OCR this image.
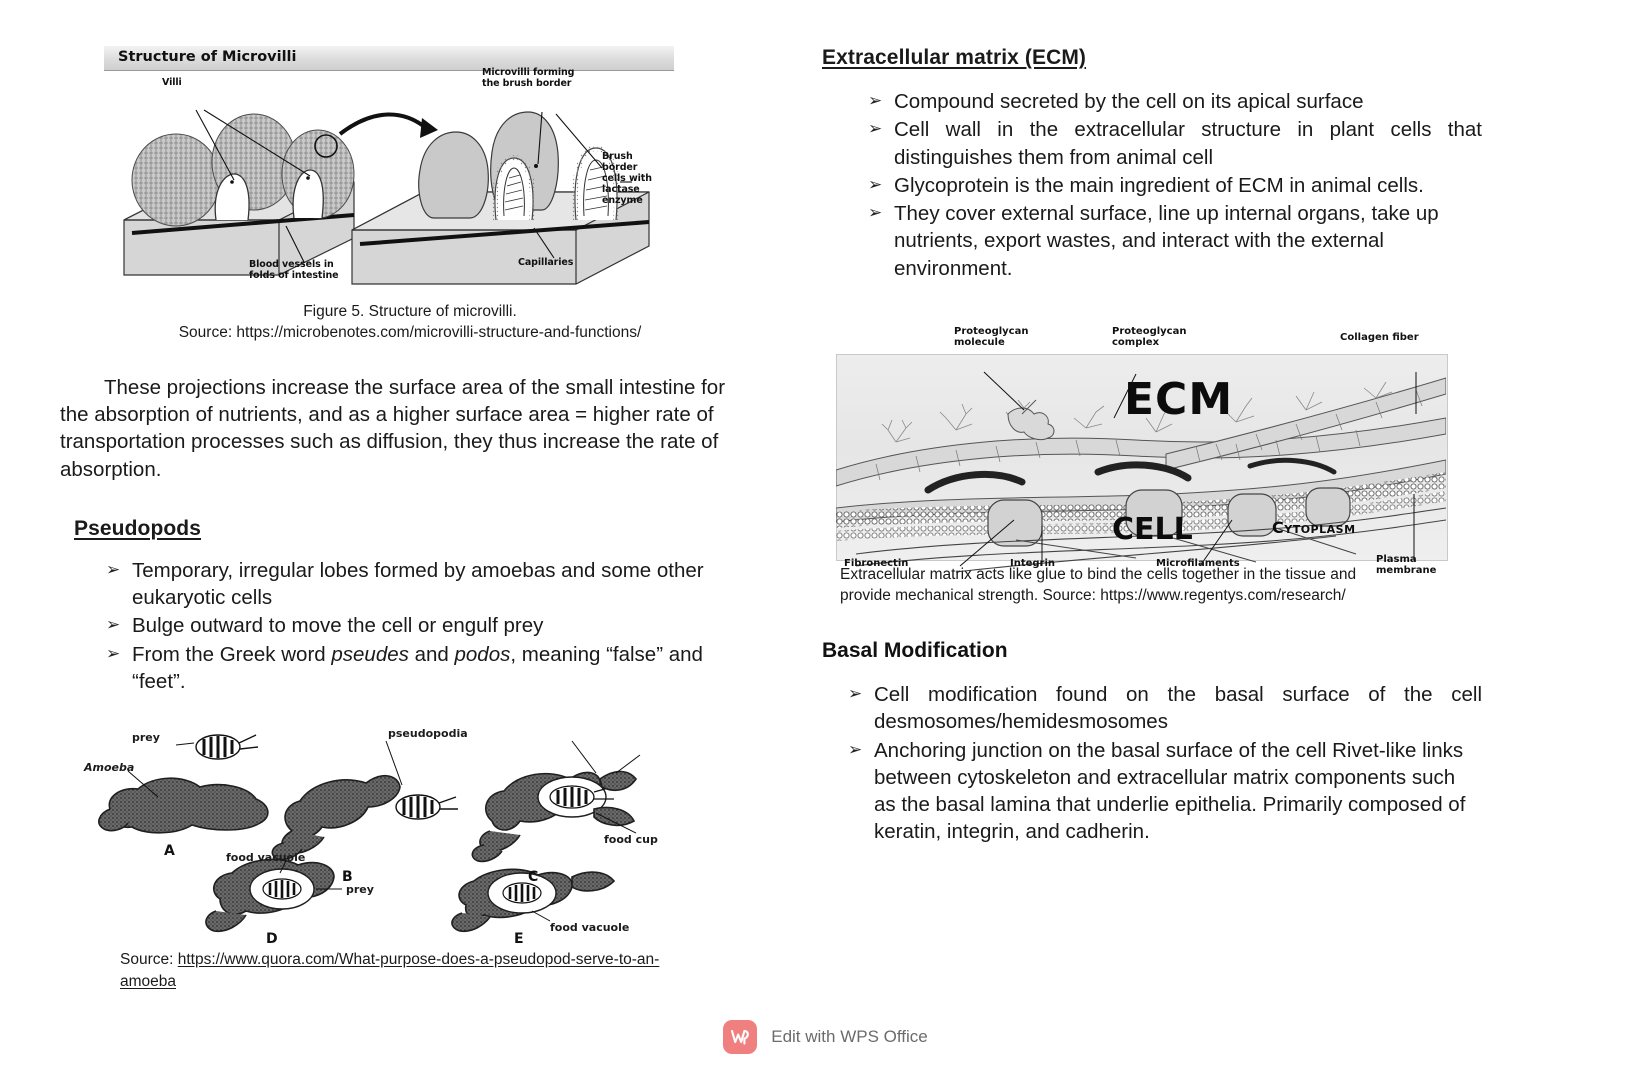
Structure of Microvilli
Villi
Microvilli forming
the brush border
Brush
border
cells with
lactase
enzyme
Blood vessels in
folds of intestine
Capillaries
Figure 5. Structure of microvilli.
Source: https://microbenotes.com/microvilli-structure-and-functions/

These projections increase the surface area of the small intestine for the absorption of nutrients, and as a higher surface area = higher rate of transportation processes such as diffusion, they thus increase the rate of absorption.

Pseudopods
➢ Temporary, irregular lobes formed by amoebas and some other eukaryotic cells
➢ Bulge outward to move the cell or engulf prey
➢ From the Greek word pseudes and podos, meaning “false” and “feet”.
prey
Amoeba
pseudopodia
food cup
food vacuole
prey
food vacuole
A
B	C
D	E
Source: https://www.quora.com/What-purpose-does-a-pseudopod-serve-to-an-
amoeba
Extracellular matrix (ECM)
➢ Compound secreted by the cell on its apical surface
➢ Cell wall in the extracellular structure in plant cells that distinguishes them from animal cell
➢ Glycoprotein is the main ingredient of ECM in animal cells.
➢ They cover external surface, line up internal organs, take up nutrients, export wastes, and interact with the external environment.
Proteoglycan
molecule
Proteoglycan
complex	Collagen fiber
ECM
CELL	Cytoplasm
Fibronectin	Integrin	Microfilaments	Plasma
membrane
Extracellular matrix acts like glue to bind the cells together in the tissue and
provide mechanical strength. Source: https://www.regentys.com/research/
Basal Modification
➢ Cell modification found on the basal surface of the cell desmosomes/hemidesmosomes
➢ Anchoring junction on the basal surface of the cell Rivet-like links between cytoskeleton and extracellular matrix components such as the basal lamina that underlie epithelia. Primarily composed of keratin, integrin, and cadherin.
Edit with WPS Office
